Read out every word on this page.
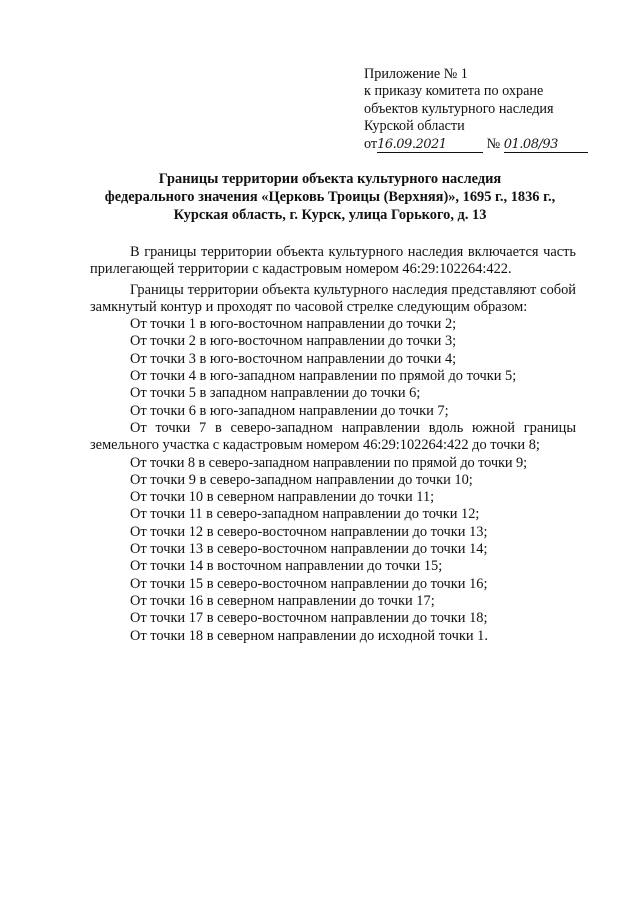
Приложение № 1
к приказу комитета по охране
объектов культурного наследия
Курской области
от16.09.2021	№ 01.08/93
Границы территории объекта культурного наследия
федерального значения «Церковь Троицы (Верхняя)», 1695 г., 1836 г.,
Курская область, г. Курск, улица Горького, д. 13

В границы территории объекта культурного наследия включается часть прилегающей территории с кадастровым номером 46:29:102264:422.

Границы территории объекта культурного наследия представляют собой замкнутый контур и проходят по часовой стрелке следующим образом:

От точки 1 в юго-восточном направлении до точки 2;

От точки 2 в юго-восточном направлении до точки 3;

От точки 3 в юго-восточном направлении до точки 4;

От точки 4 в юго-западном направлении по прямой до точки 5;

От точки 5 в западном направлении до точки 6;

От точки 6 в юго-западном направлении до точки 7;

От точки 7 в северо-западном направлении вдоль южной границы земельного участка с кадастровым номером 46:29:102264:422 до точки 8;

От точки 8 в северо-западном направлении по прямой до точки 9;

От точки 9 в северо-западном направлении до точки 10;

От точки 10 в северном направлении до точки 11;

От точки 11 в северо-западном направлении до точки 12;

От точки 12 в северо-восточном направлении до точки 13;

От точки 13 в северо-восточном направлении до точки 14;

От точки 14 в восточном направлении до точки 15;

От точки 15 в северо-восточном направлении до точки 16;

От точки 16 в северном направлении до точки 17;

От точки 17 в северо-восточном направлении до точки 18;

От точки 18 в северном направлении до исходной точки 1.
